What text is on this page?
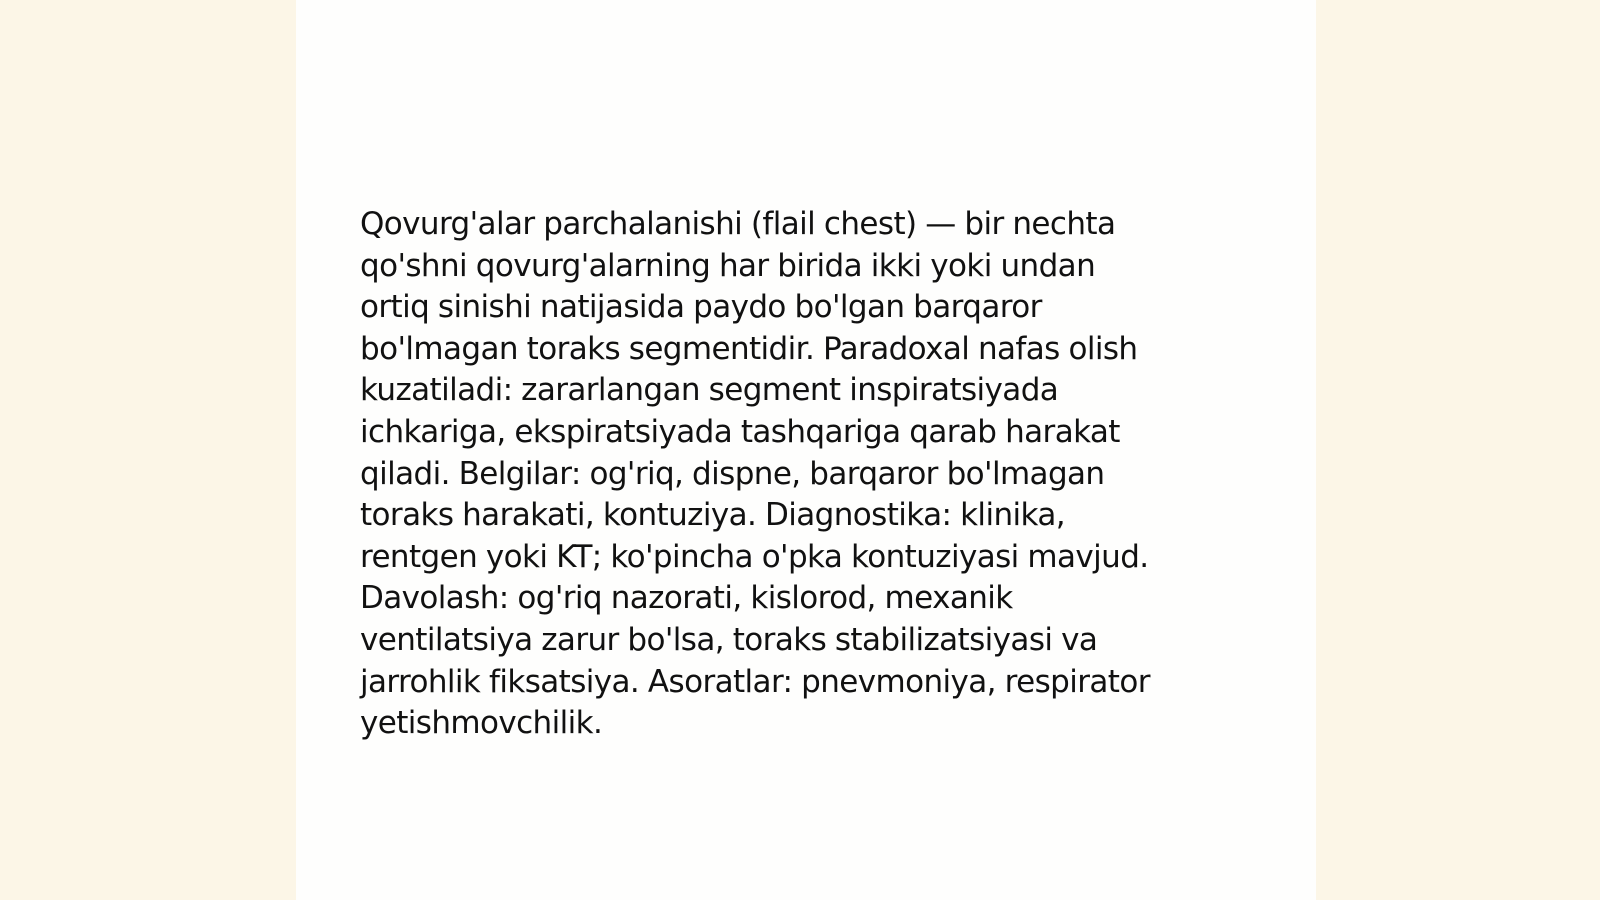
Qovurg'alar parchalanishi (flail chest) — bir nechta
qo'shni qovurg'alarning har birida ikki yoki undan
ortiq sinishi natijasida paydo bo'lgan barqaror
bo'lmagan toraks segmentidir. Paradoxal nafas olish
kuzatiladi: zararlangan segment inspiratsiyada
ichkariga, ekspiratsiyada tashqariga qarab harakat
qiladi. Belgilar: og'riq, dispne, barqaror bo'lmagan
toraks harakati, kontuziya. Diagnostika: klinika,
rentgen yoki KT; ko'pincha o'pka kontuziyasi mavjud.
Davolash: og'riq nazorati, kislorod, mexanik
ventilatsiya zarur bo'lsa, toraks stabilizatsiyasi va
jarrohlik fiksatsiya. Asoratlar: pnevmoniya, respirator
yetishmovchilik.
